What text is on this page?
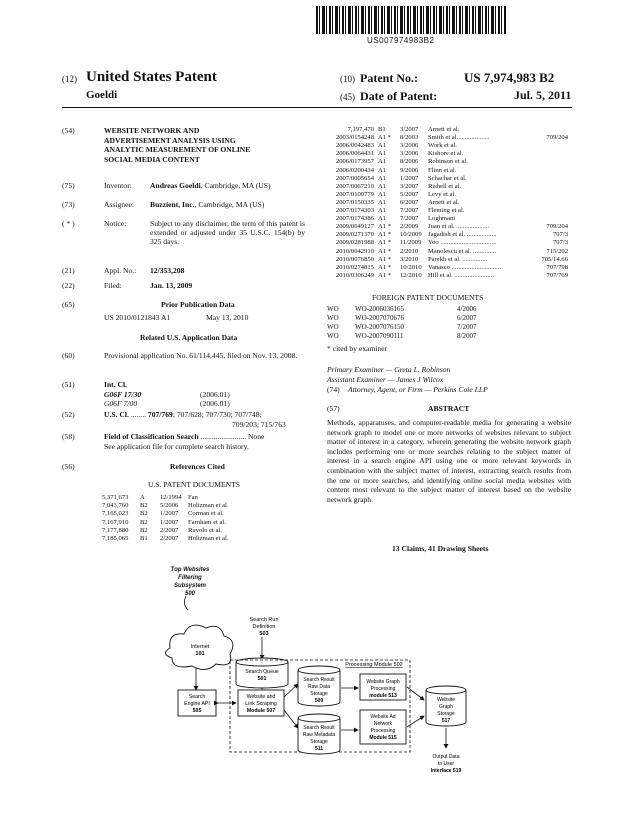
US007974983B2
(12) United States Patent
Goeldi
(10) Patent No.:	US 7,974,983 B2
(45) Date of Patent:	Jul. 5, 2011
(54)	WEBSITE NETWORK AND
ADVERTISEMENT ANALYSIS USING
ANALYTIC MEASUREMENT OF ONLINE
SOCIAL MEDIA CONTENT
(75)	Inventor: Andreas Goeldi, Cambridge, MA (US)
(73)	Assignee: Buzzient, Inc., Cambridge, MA (US)
( * )	Notice:	Subject to any disclaimer, the term of this patent is extended or adjusted under 35 U.S.C. 154(b) by 325 days.
(21)	Appl. No.: 12/353,208
(22)	Filed:	Jan. 13, 2009
(65)	Prior Publication Data
US 2010/0121843 A1	May 13, 2010
Related U.S. Application Data
(60)	Provisional application No. 61/114,445, filed on Nov. 13, 2008.
(51)	Int. Cl.
G06F 17/30	(2006.01)
G06F 7/00	(2006.01)
(52)	U.S. Cl. ........ 707/769; 707/628; 707/730; 707/748;
709/203; 715/763
(58)	Field of Classification Search ........................ None
See application file for complete search history.
(56)	References Cited
U.S. PATENT DOCUMENTS
5,371,673 A 12/1994 Fan
7,043,760 B2 5/2006 Holtzman et al.
7,165,023 B2 1/2007 Corman et al.
7,167,910 B2 1/2007 Farnham et al.
7,177,880 B2 2/2007 Ruvolo et al.
7,185,065 B1 2/2007 Holtzman et al.
7,197,470 B1 3/2007 Arnett et al.
2003/0154248 A1 * 8/2003 Smith et al. ..................	709/204
2006/0042483 A1 3/2006 Work et al.
2006/0064431 A1 3/2006 Kishore et al.
2006/0173957 A1 8/2006 Robinson et al.
2006/0200434 A1 9/2006 Flinn et al.
2007/0005654 A1 1/2007 Schachar et al.
2007/0067210 A1 3/2007 Rishell et al.
2007/0100779 A1 5/2007 Levy et al.
2007/0150335 A1 6/2007 Arnett et al.
2007/0174303 A1 7/2007 Fleming et al.
2007/0174386 A1 7/2007 Loghmani
2009/0049127 A1 * 2/2009 Juan et al. ....................	709/204
2009/0271370 A1 * 10/2009 Jagadish et al. ..................	707/3
2009/0281988 A1 * 11/2009 Yoo ..................................	707/3
2010/0042910 A1 * 2/2010 Manolescu et al. ..............	715/202
2010/0076850 A1 * 3/2010 Parekh et al. ...............	705/14.66
2010/0274815 A1 * 10/2010 Vanasco ..............................	707/798
2010/0306249 A1 * 12/2010 Hill et al. ........................	707/769
FOREIGN PATENT DOCUMENTS
WO WO-2006036165	4/2006
WO WO-2007070676	6/2007
WO WO-2007076150	7/2007
WO WO-2007090111	8/2007
* cited by examiner
Primary Examiner — Greta L. Robinson
Assistant Examiner — James J Wilcox
(74) Attorney, Agent, or Firm — Perkins Coie LLP
(57)	ABSTRACT
Methods, apparatuses, and computer-readable media for generating a website network graph to model one or more networks of websites relevant to subject matter of interest in a category, wherein generating the website network graph includes performing one or more searches relating to the subject matter of interest in a search engine API using one or more relevant keywords in combination with the subject matter of interest, extracting search results from the one or more searches, and identifying online social media websites with content most relevant to the subject matter of interest based on the website network graph.
13 Claims, 41 Drawing Sheets
Top Websites
Filtering
Subsystem
500
Search Run
Definition
503
Internet
101
Search Queue
501
Processing Module 502
Search
Engine API
505
Website and
Link Scraping
Module 507
Search Result
Raw Data
Storage
509
Search Result
Raw Metadata
Storage
511
Website Graph
Processing
module 513
Website Ad
Network
Processing
Module 515
Website
Graph
Storage
517
Output Data
to User
Interface 519
